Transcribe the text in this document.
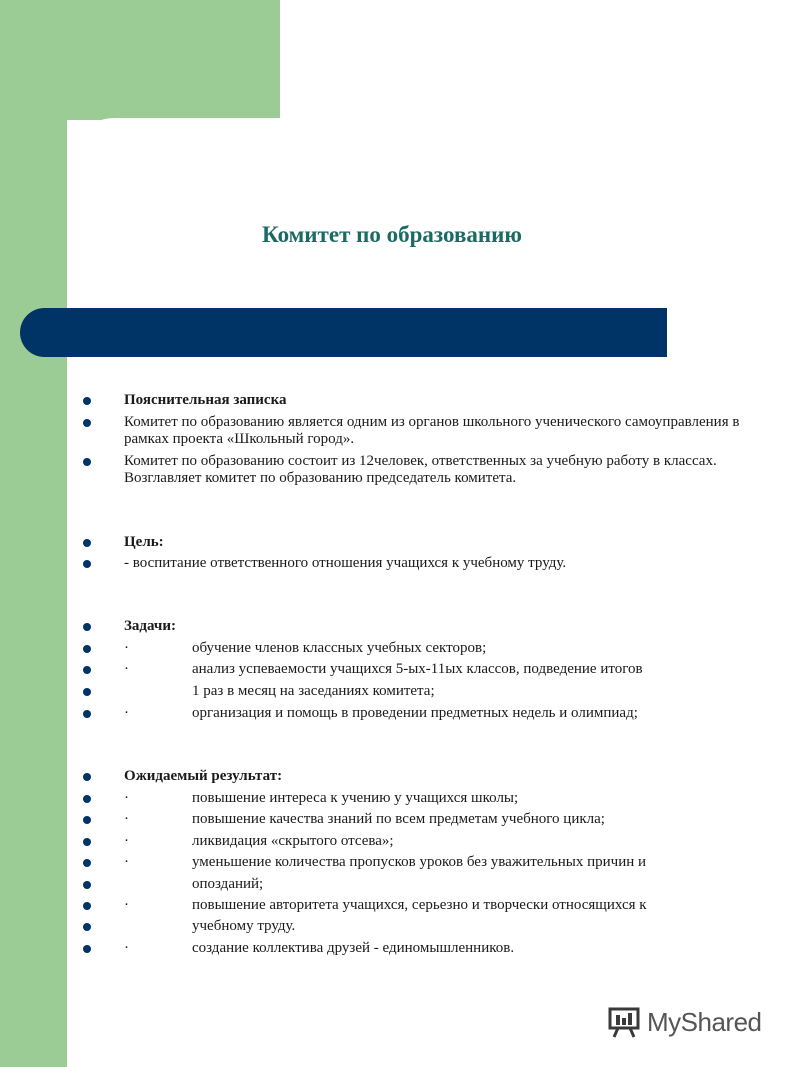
Комитет по образованию
Пояснительная записка
Комитет по образованию является одним из органов школьного ученического самоуправления в рамках проекта «Школьный город».
Комитет по образованию состоит из 12человек, ответственных за учебную работу в классах. Возглавляет комитет по образованию председатель комитета.
Цель:
- воспитание ответственного отношения учащихся к учебному труду.
Задачи:
·	обучение членов классных учебных секторов;
·	анализ успеваемости учащихся 5-ых-11ых классов, подведение итогов
1 раз в месяц на заседаниях комитета;
·	организация и помощь в проведении предметных недель и олимпиад;
Ожидаемый результат:
·	повышение интереса к учению у учащихся школы;
·	повышение качества знаний по всем предметам учебного цикла;
·	ликвидация «скрытого отсева»;
·	уменьшение количества пропусков уроков без уважительных причин и
опозданий;
·	повышение авторитета учащихся, серьезно и творчески относящихся к
учебному труду.
·	создание коллектива друзей - единомышленников.
MyShared
